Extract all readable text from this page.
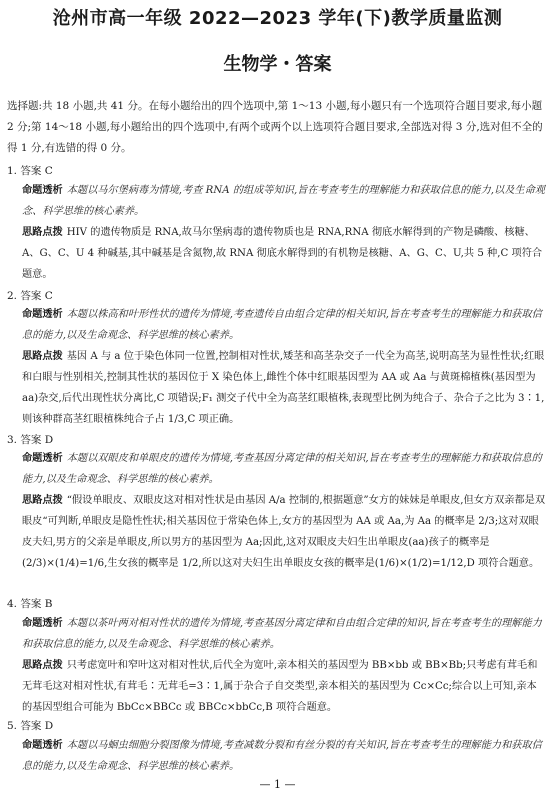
沧州市高一年级 2022—2023 学年(下)教学质量监测
生物学・答案

选择题:共 18 小题,共 41 分。在每小题给出的四个选项中,第 1～13 小题,每小题只有一个选项符合题目要求,每小题 2 分;第 14～18 小题,每小题给出的四个选项中,有两个或两个以上选项符合题目要求,全部选对得 3 分,选对但不全的得 1 分,有选错的得 0 分。

1. 答案 C

命题透析 本题以马尔堡病毒为情境,考查 RNA 的组成等知识,旨在考查考生的理解能力和获取信息的能力,以及生命观念、科学思维的核心素养。

思路点拨 HIV 的遗传物质是 RNA,故马尔堡病毒的遗传物质也是 RNA,RNA 彻底水解得到的产物是磷酸、核糖、A、G、C、U 4 种碱基,其中碱基是含氮物,故 RNA 彻底水解得到的有机物是核糖、A、G、C、U,共 5 种,C 项符合题意。

2. 答案 C

命题透析 本题以株高和叶形性状的遗传为情境,考查遗传自由组合定律的相关知识,旨在考查考生的理解能力和获取信息的能力,以及生命观念、科学思维的核心素养。

思路点拨 基因 A 与 a 位于染色体同一位置,控制相对性状,矮茎和高茎杂交子一代全为高茎,说明高茎为显性性状;红眼和白眼与性别相关,控制其性状的基因位于 X 染色体上,雌性个体中红眼基因型为 AA 或 Aa 与黄斑棉植株(基因型为 aa)杂交,后代出现性状分离比,C 项错误;F₁ 测交子代中全为高茎红眼植株,表现型比例为纯合子、杂合子之比为 3∶1,则该种群高茎红眼植株纯合子占 1/3,C 项正确。

3. 答案 D

命题透析 本题以双眼皮和单眼皮的遗传为情境,考查基因分离定律的相关知识,旨在考查考生的理解能力和获取信息的能力,以及生命观念、科学思维的核心素养。

思路点拨 “假设单眼皮、双眼皮这对相对性状是由基因 A/a 控制的,根据题意”女方的妹妹是单眼皮,但女方双亲都是双眼皮“可判断,单眼皮是隐性性状;相关基因位于常染色体上,女方的基因型为 AA 或 Aa,为 Aa 的概率是 2/3;这对双眼皮夫妇,男方的父亲是单眼皮,所以男方的基因型为 Aa;因此,这对双眼皮夫妇生出单眼皮(aa)孩子的概率是(2/3)×(1/4)=1/6,生女孩的概率是 1/2,所以这对夫妇生出单眼皮女孩的概率是(1/6)×(1/2)=1/12,D 项符合题意。

4. 答案 B

命题透析 本题以茶叶两对相对性状的遗传为情境,考查基因分离定律和自由组合定律的知识,旨在考查考生的理解能力和获取信息的能力,以及生命观念、科学思维的核心素养。

思路点拨 只考虑宽叶和窄叶这对相对性状,后代全为宽叶,亲本相关的基因型为 BB×bb 或 BB×Bb;只考虑有茸毛和无茸毛这对相对性状,有茸毛∶无茸毛=3∶1,属于杂合子自交类型,亲本相关的基因型为 Cc×Cc;综合以上可知,亲本的基因型组合可能为 BbCc×BBCc 或 BBCc×bbCc,B 项符合题意。

5. 答案 D

命题透析 本题以马蛔虫细胞分裂图像为情境,考查减数分裂和有丝分裂的有关知识,旨在考查考生的理解能力和获取信息的能力,以及生命观念、科学思维的核心素养。

— 1 —
